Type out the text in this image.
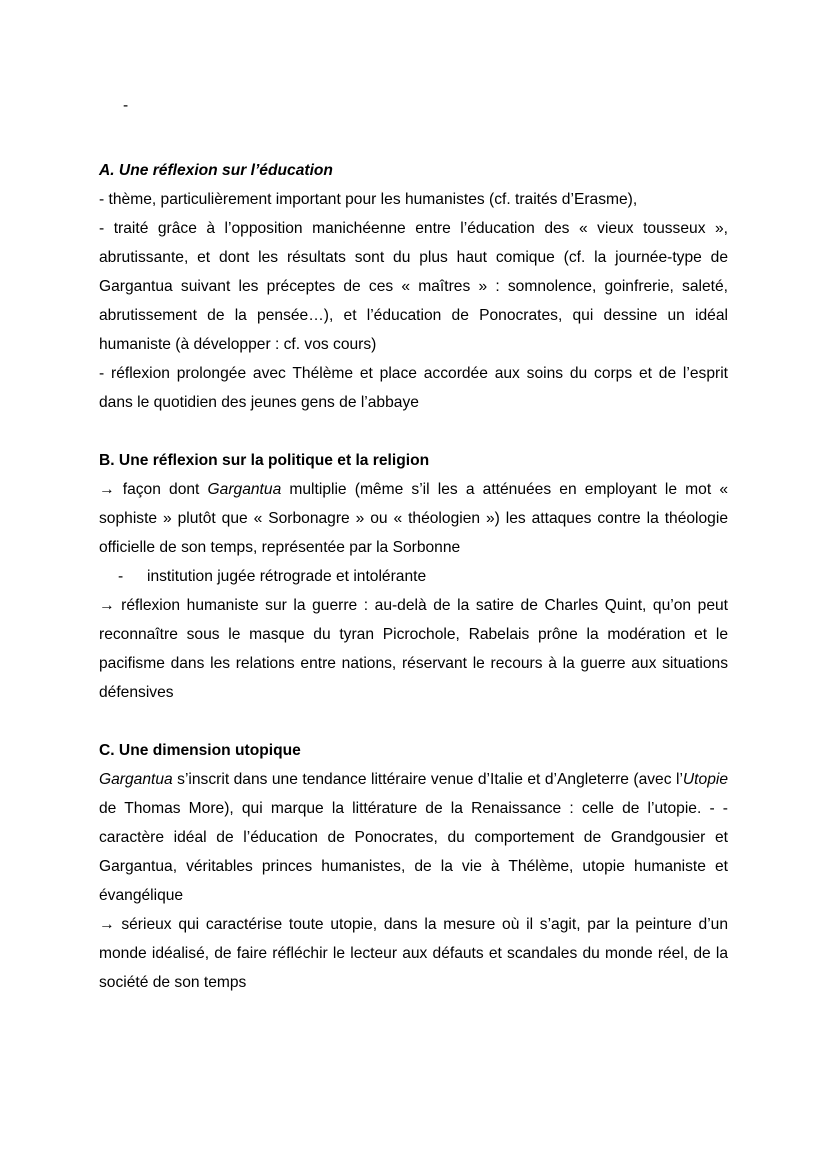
-

A. Une réflexion sur l’éducation

- thème, particulièrement important pour les humanistes (cf. traités d’Erasme),

- traité grâce à l’opposition manichéenne entre l’éducation des « vieux tousseux », abrutissante, et dont les résultats sont du plus haut comique (cf. la journée-type de Gargantua suivant les préceptes de ces « maîtres » : somnolence, goinfrerie, saleté, abrutissement de la pensée…), et l’éducation de Ponocrates, qui dessine un idéal humaniste (à développer : cf. vos cours)

- réflexion prolongée avec Thélème et place accordée aux soins du corps et de l’esprit dans le quotidien des jeunes gens de l’abbaye

B. Une réflexion sur la politique et la religion

→ façon dont Gargantua multiplie (même s’il les a atténuées en employant le mot « sophiste » plutôt que « Sorbonagre » ou « théologien ») les attaques contre la théologie officielle de son temps, représentée par la Sorbonne

- institution jugée rétrograde et intolérante

→ réflexion humaniste sur la guerre : au-delà de la satire de Charles Quint, qu’on peut reconnaître sous le masque du tyran Picrochole, Rabelais prône la modération et le pacifisme dans les relations entre nations, réservant le recours à la guerre aux situations défensives

C. Une dimension utopique

Gargantua s’inscrit dans une tendance littéraire venue d’Italie et d’Angleterre (avec l’Utopie de Thomas More), qui marque la littérature de la Renaissance : celle de l’utopie. - - caractère idéal de l’éducation de Ponocrates, du comportement de Grandgousier et Gargantua, véritables princes humanistes, de la vie à Thélème, utopie humaniste et évangélique

→ sérieux qui caractérise toute utopie, dans la mesure où il s’agit, par la peinture d’un monde idéalisé, de faire réfléchir le lecteur aux défauts et scandales du monde réel, de la société de son temps
